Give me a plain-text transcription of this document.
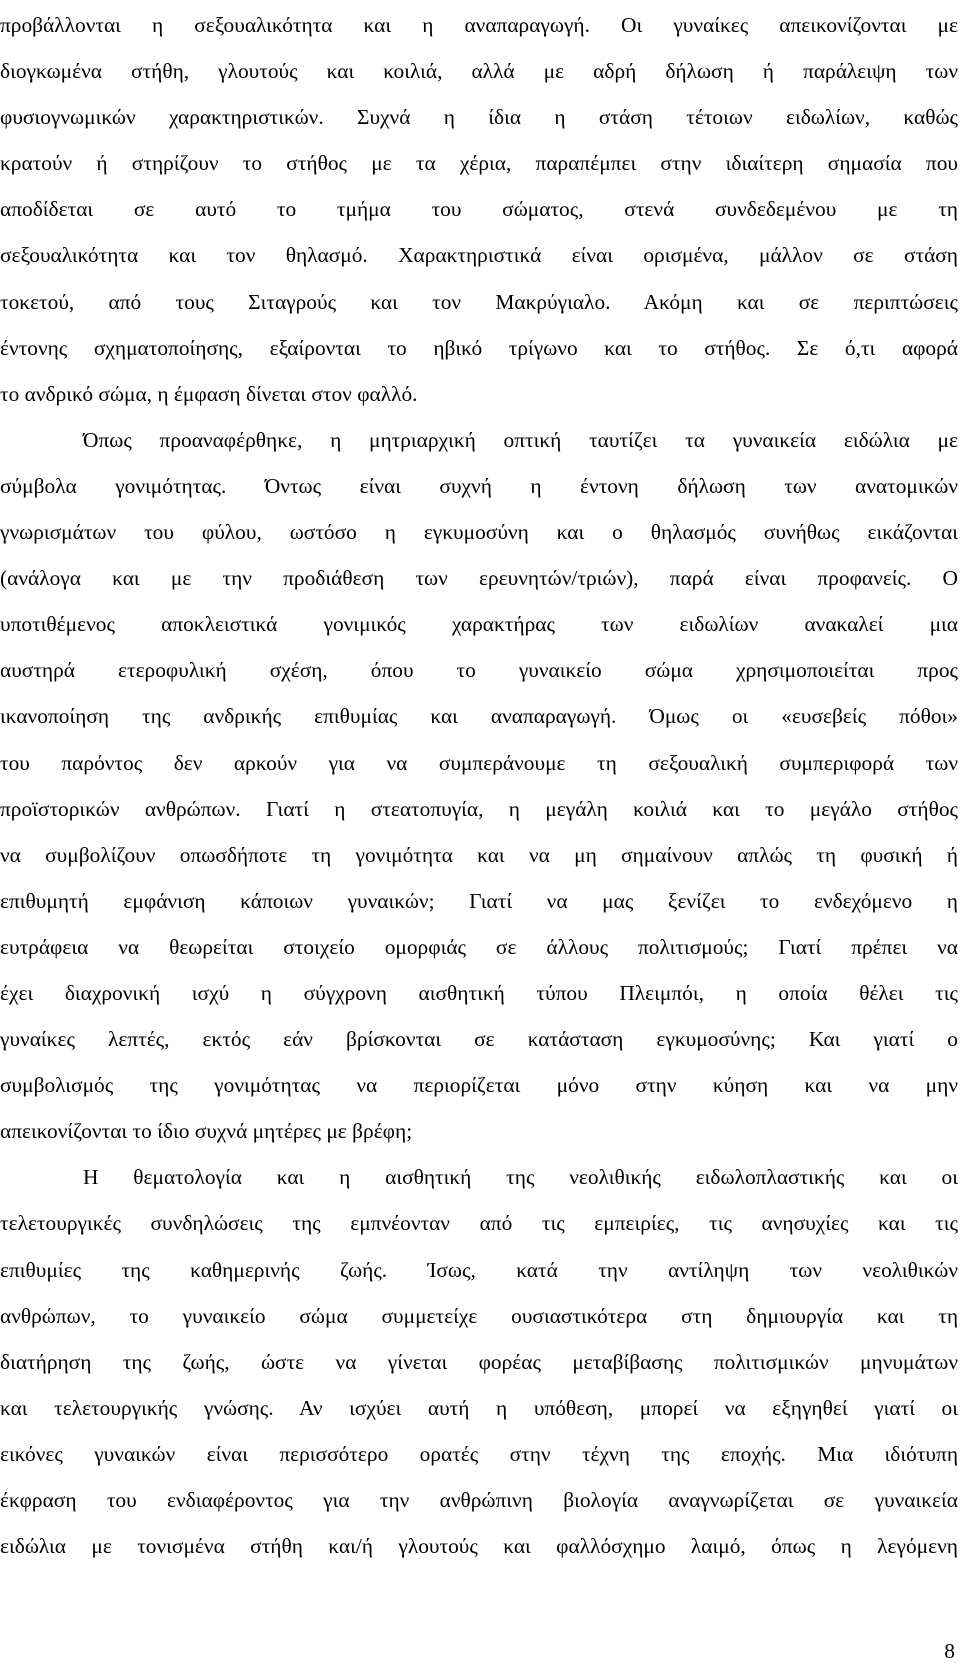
προβάλλονται η σεξουαλικότητα και η αναπαραγωγή. Οι γυναίκες απεικονίζονται με
διογκωμένα στήθη, γλουτούς και κοιλιά, αλλά με αδρή δήλωση ή παράλειψη των
φυσιογνωμικών χαρακτηριστικών. Συχνά η ίδια η στάση τέτοιων ειδωλίων, καθώς
κρατούν ή στηρίζουν το στήθος με τα χέρια, παραπέμπει στην ιδιαίτερη σημασία που
αποδίδεται σε αυτό το τμήμα του σώματος, στενά συνδεδεμένου με τη
σεξουαλικότητα και τον θηλασμό. Χαρακτηριστικά είναι ορισμένα, μάλλον σε στάση
τοκετού, από τους Σιταγρούς και τον Μακρύγιαλο. Ακόμη και σε περιπτώσεις
έντονης σχηματοποίησης, εξαίρονται το ηβικό τρίγωνο και το στήθος. Σε ό,τι αφορά
το ανδρικό σώμα, η έμφαση δίνεται στον φαλλό.
Όπως προαναφέρθηκε, η μητριαρχική οπτική ταυτίζει τα γυναικεία ειδώλια με
σύμβολα γονιμότητας. Όντως είναι συχνή η έντονη δήλωση των ανατομικών
γνωρισμάτων του φύλου, ωστόσο η εγκυμοσύνη και ο θηλασμός συνήθως εικάζονται
(ανάλογα και με την προδιάθεση των ερευνητών/τριών), παρά είναι προφανείς. Ο
υποτιθέμενος αποκλειστικά γονιμικός χαρακτήρας των ειδωλίων ανακαλεί μια
αυστηρά ετεροφυλική σχέση, όπου το γυναικείο σώμα χρησιμοποιείται προς
ικανοποίηση της ανδρικής επιθυμίας και αναπαραγωγή. Όμως οι «ευσεβείς πόθοι»
του παρόντος δεν αρκούν για να συμπεράνουμε τη σεξουαλική συμπεριφορά των
προϊστορικών ανθρώπων. Γιατί η στεατοπυγία, η μεγάλη κοιλιά και το μεγάλο στήθος
να συμβολίζουν οπωσδήποτε τη γονιμότητα και να μη σημαίνουν απλώς τη φυσική ή
επιθυμητή εμφάνιση κάποιων γυναικών; Γιατί να μας ξενίζει το ενδεχόμενο η
ευτράφεια να θεωρείται στοιχείο ομορφιάς σε άλλους πολιτισμούς; Γιατί πρέπει να
έχει διαχρονική ισχύ η σύγχρονη αισθητική τύπου Πλειμπόι, η οποία θέλει τις
γυναίκες λεπτές, εκτός εάν βρίσκονται σε κατάσταση εγκυμοσύνης; Και γιατί ο
συμβολισμός της γονιμότητας να περιορίζεται μόνο στην κύηση και να μην
απεικονίζονται το ίδιο συχνά μητέρες με βρέφη;
Η θεματολογία και η αισθητική της νεολιθικής ειδωλοπλαστικής και οι
τελετουργικές συνδηλώσεις της εμπνέονταν από τις εμπειρίες, τις ανησυχίες και τις
επιθυμίες της καθημερινής ζωής. Ίσως, κατά την αντίληψη των νεολιθικών
ανθρώπων, το γυναικείο σώμα συμμετείχε ουσιαστικότερα στη δημιουργία και τη
διατήρηση της ζωής, ώστε να γίνεται φορέας μεταβίβασης πολιτισμικών μηνυμάτων
και τελετουργικής γνώσης. Αν ισχύει αυτή η υπόθεση, μπορεί να εξηγηθεί γιατί οι
εικόνες γυναικών είναι περισσότερο ορατές στην τέχνη της εποχής. Μια ιδιότυπη
έκφραση του ενδιαφέροντος για την ανθρώπινη βιολογία αναγνωρίζεται σε γυναικεία
ειδώλια με τονισμένα στήθη και/ή γλουτούς και φαλλόσχημο λαιμό, όπως η λεγόμενη
8
